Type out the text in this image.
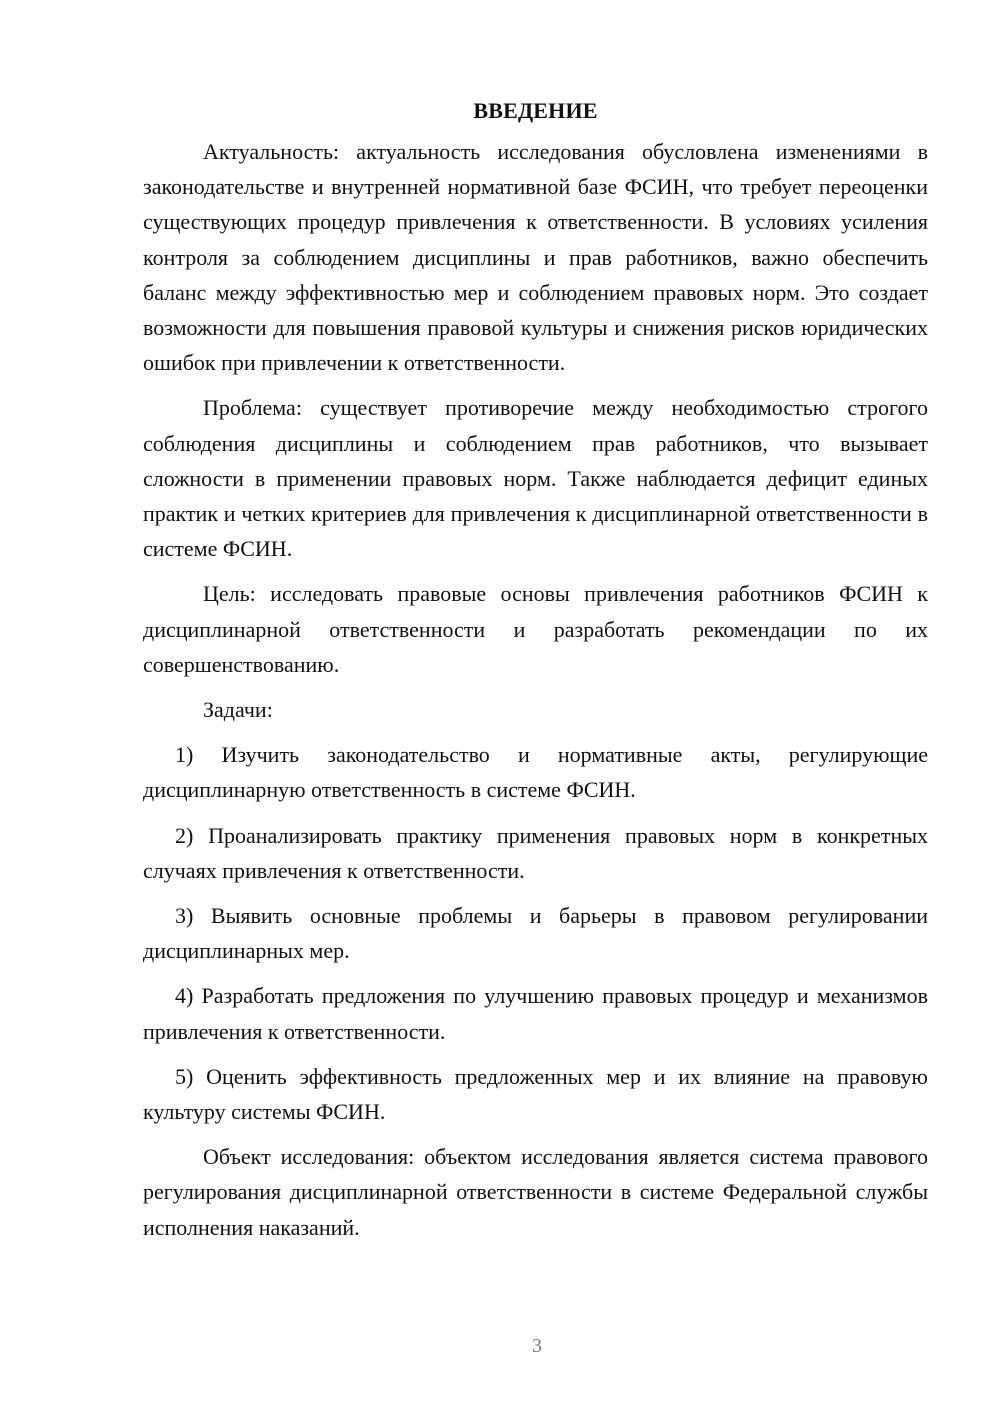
ВВЕДЕНИЕ

Актуальность: актуальность исследования обусловлена изменениями в законодательстве и внутренней нормативной базе ФСИН, что требует переоценки существующих процедур привлечения к ответственности. В условиях усиления контроля за соблюдением дисциплины и прав работников, важно обеспечить баланс между эффективностью мер и соблюдением правовых норм. Это создает возможности для повышения правовой культуры и снижения рисков юридических ошибок при привлечении к ответственности.

Проблема: существует противоречие между необходимостью строгого соблюдения дисциплины и соблюдением прав работников, что вызывает сложности в применении правовых норм. Также наблюдается дефицит единых практик и четких критериев для привлечения к дисциплинарной ответственности в системе ФСИН.

Цель: исследовать правовые основы привлечения работников ФСИН к дисциплинарной ответственности и разработать рекомендации по их совершенствованию.

Задачи:

1) Изучить законодательство и нормативные акты, регулирующие дисциплинарную ответственность в системе ФСИН.

2) Проанализировать практику применения правовых норм в конкретных случаях привлечения к ответственности.

3) Выявить основные проблемы и барьеры в правовом регулировании дисциплинарных мер.

4) Разработать предложения по улучшению правовых процедур и механизмов привлечения к ответственности.

5) Оценить эффективность предложенных мер и их влияние на правовую культуру системы ФСИН.

Объект исследования: объектом исследования является система правового регулирования дисциплинарной ответственности в системе Федеральной службы исполнения наказаний.

3
